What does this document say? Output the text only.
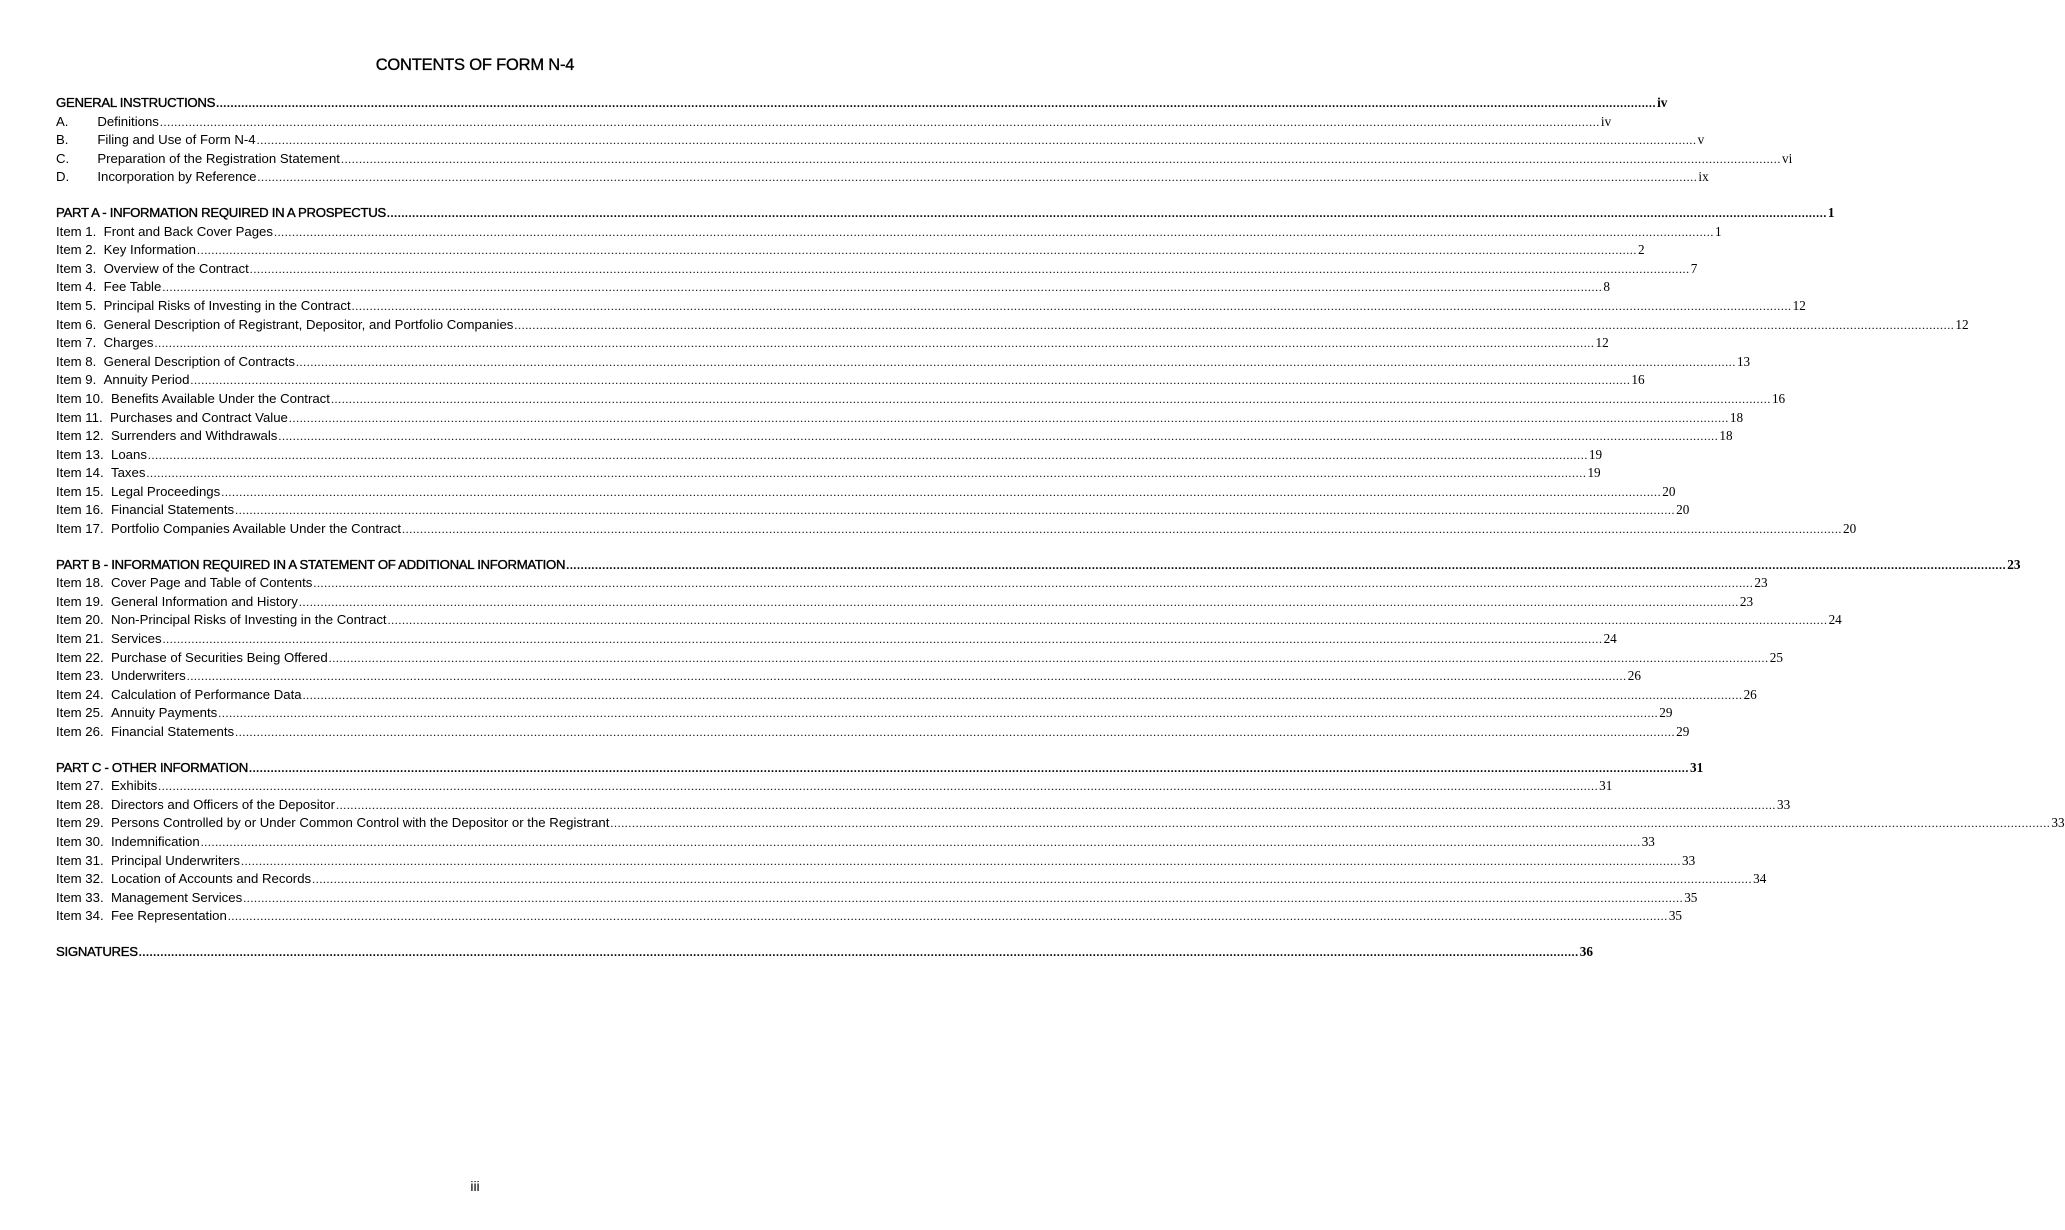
CONTENTS OF FORM N-4
GENERAL INSTRUCTIONS ................................................................................................................................................................................................................................................................................................................................................................................................................ iv
A. Definitions ................................................................................................................................................................................................................................................................................................................................................................................................................ iv
B. Filing and Use of Form N-4 ................................................................................................................................................................................................................................................................................................................................................................................................................ v
C. Preparation of the Registration Statement ................................................................................................................................................................................................................................................................................................................................................................................................................ vi
D. Incorporation by Reference ................................................................................................................................................................................................................................................................................................................................................................................................................ ix
PART A - INFORMATION REQUIRED IN A PROSPECTUS ................................................................................................................................................................................................................................................................................................................................................................................................................ 1
Item 1. Front and Back Cover Pages ................................................................................................................................................................................................................................................................................................................................................................................................................ 1
Item 2. Key Information ................................................................................................................................................................................................................................................................................................................................................................................................................ 2
Item 3. Overview of the Contract ................................................................................................................................................................................................................................................................................................................................................................................................................ 7
Item 4. Fee Table ................................................................................................................................................................................................................................................................................................................................................................................................................ 8
Item 5. Principal Risks of Investing in the Contract ................................................................................................................................................................................................................................................................................................................................................................................................................ 12
Item 6. General Description of Registrant, Depositor, and Portfolio Companies ................................................................................................................................................................................................................................................................................................................................................................................................................ 12
Item 7. Charges ................................................................................................................................................................................................................................................................................................................................................................................................................ 12
Item 8. General Description of Contracts ................................................................................................................................................................................................................................................................................................................................................................................................................ 13
Item 9. Annuity Period ................................................................................................................................................................................................................................................................................................................................................................................................................ 16
Item 10. Benefits Available Under the Contract ................................................................................................................................................................................................................................................................................................................................................................................................................ 16
Item 11. Purchases and Contract Value ................................................................................................................................................................................................................................................................................................................................................................................................................ 18
Item 12. Surrenders and Withdrawals ................................................................................................................................................................................................................................................................................................................................................................................................................ 18
Item 13. Loans ................................................................................................................................................................................................................................................................................................................................................................................................................ 19
Item 14. Taxes ................................................................................................................................................................................................................................................................................................................................................................................................................ 19
Item 15. Legal Proceedings ................................................................................................................................................................................................................................................................................................................................................................................................................ 20
Item 16. Financial Statements ................................................................................................................................................................................................................................................................................................................................................................................................................ 20
Item 17. Portfolio Companies Available Under the Contract ................................................................................................................................................................................................................................................................................................................................................................................................................ 20
PART B - INFORMATION REQUIRED IN A STATEMENT OF ADDITIONAL INFORMATION ................................................................................................................................................................................................................................................................................................................................................................................................................ 23
Item 18. Cover Page and Table of Contents ................................................................................................................................................................................................................................................................................................................................................................................................................ 23
Item 19. General Information and History ................................................................................................................................................................................................................................................................................................................................................................................................................ 23
Item 20. Non-Principal Risks of Investing in the Contract ................................................................................................................................................................................................................................................................................................................................................................................................................ 24
Item 21. Services ................................................................................................................................................................................................................................................................................................................................................................................................................ 24
Item 22. Purchase of Securities Being Offered ................................................................................................................................................................................................................................................................................................................................................................................................................ 25
Item 23. Underwriters ................................................................................................................................................................................................................................................................................................................................................................................................................ 26
Item 24. Calculation of Performance Data ................................................................................................................................................................................................................................................................................................................................................................................................................ 26
Item 25. Annuity Payments ................................................................................................................................................................................................................................................................................................................................................................................................................ 29
Item 26. Financial Statements ................................................................................................................................................................................................................................................................................................................................................................................................................ 29
PART C - OTHER INFORMATION ................................................................................................................................................................................................................................................................................................................................................................................................................ 31
Item 27. Exhibits ................................................................................................................................................................................................................................................................................................................................................................................................................ 31
Item 28. Directors and Officers of the Depositor ................................................................................................................................................................................................................................................................................................................................................................................................................ 33
Item 29. Persons Controlled by or Under Common Control with the Depositor or the Registrant ................................................................................................................................................................................................................................................................................................................................................................................................................ 33
Item 30. Indemnification ................................................................................................................................................................................................................................................................................................................................................................................................................ 33
Item 31. Principal Underwriters ................................................................................................................................................................................................................................................................................................................................................................................................................ 33
Item 32. Location of Accounts and Records ................................................................................................................................................................................................................................................................................................................................................................................................................ 34
Item 33. Management Services ................................................................................................................................................................................................................................................................................................................................................................................................................ 35
Item 34. Fee Representation ................................................................................................................................................................................................................................................................................................................................................................................................................ 35
SIGNATURES ................................................................................................................................................................................................................................................................................................................................................................................................................ 36
iii
